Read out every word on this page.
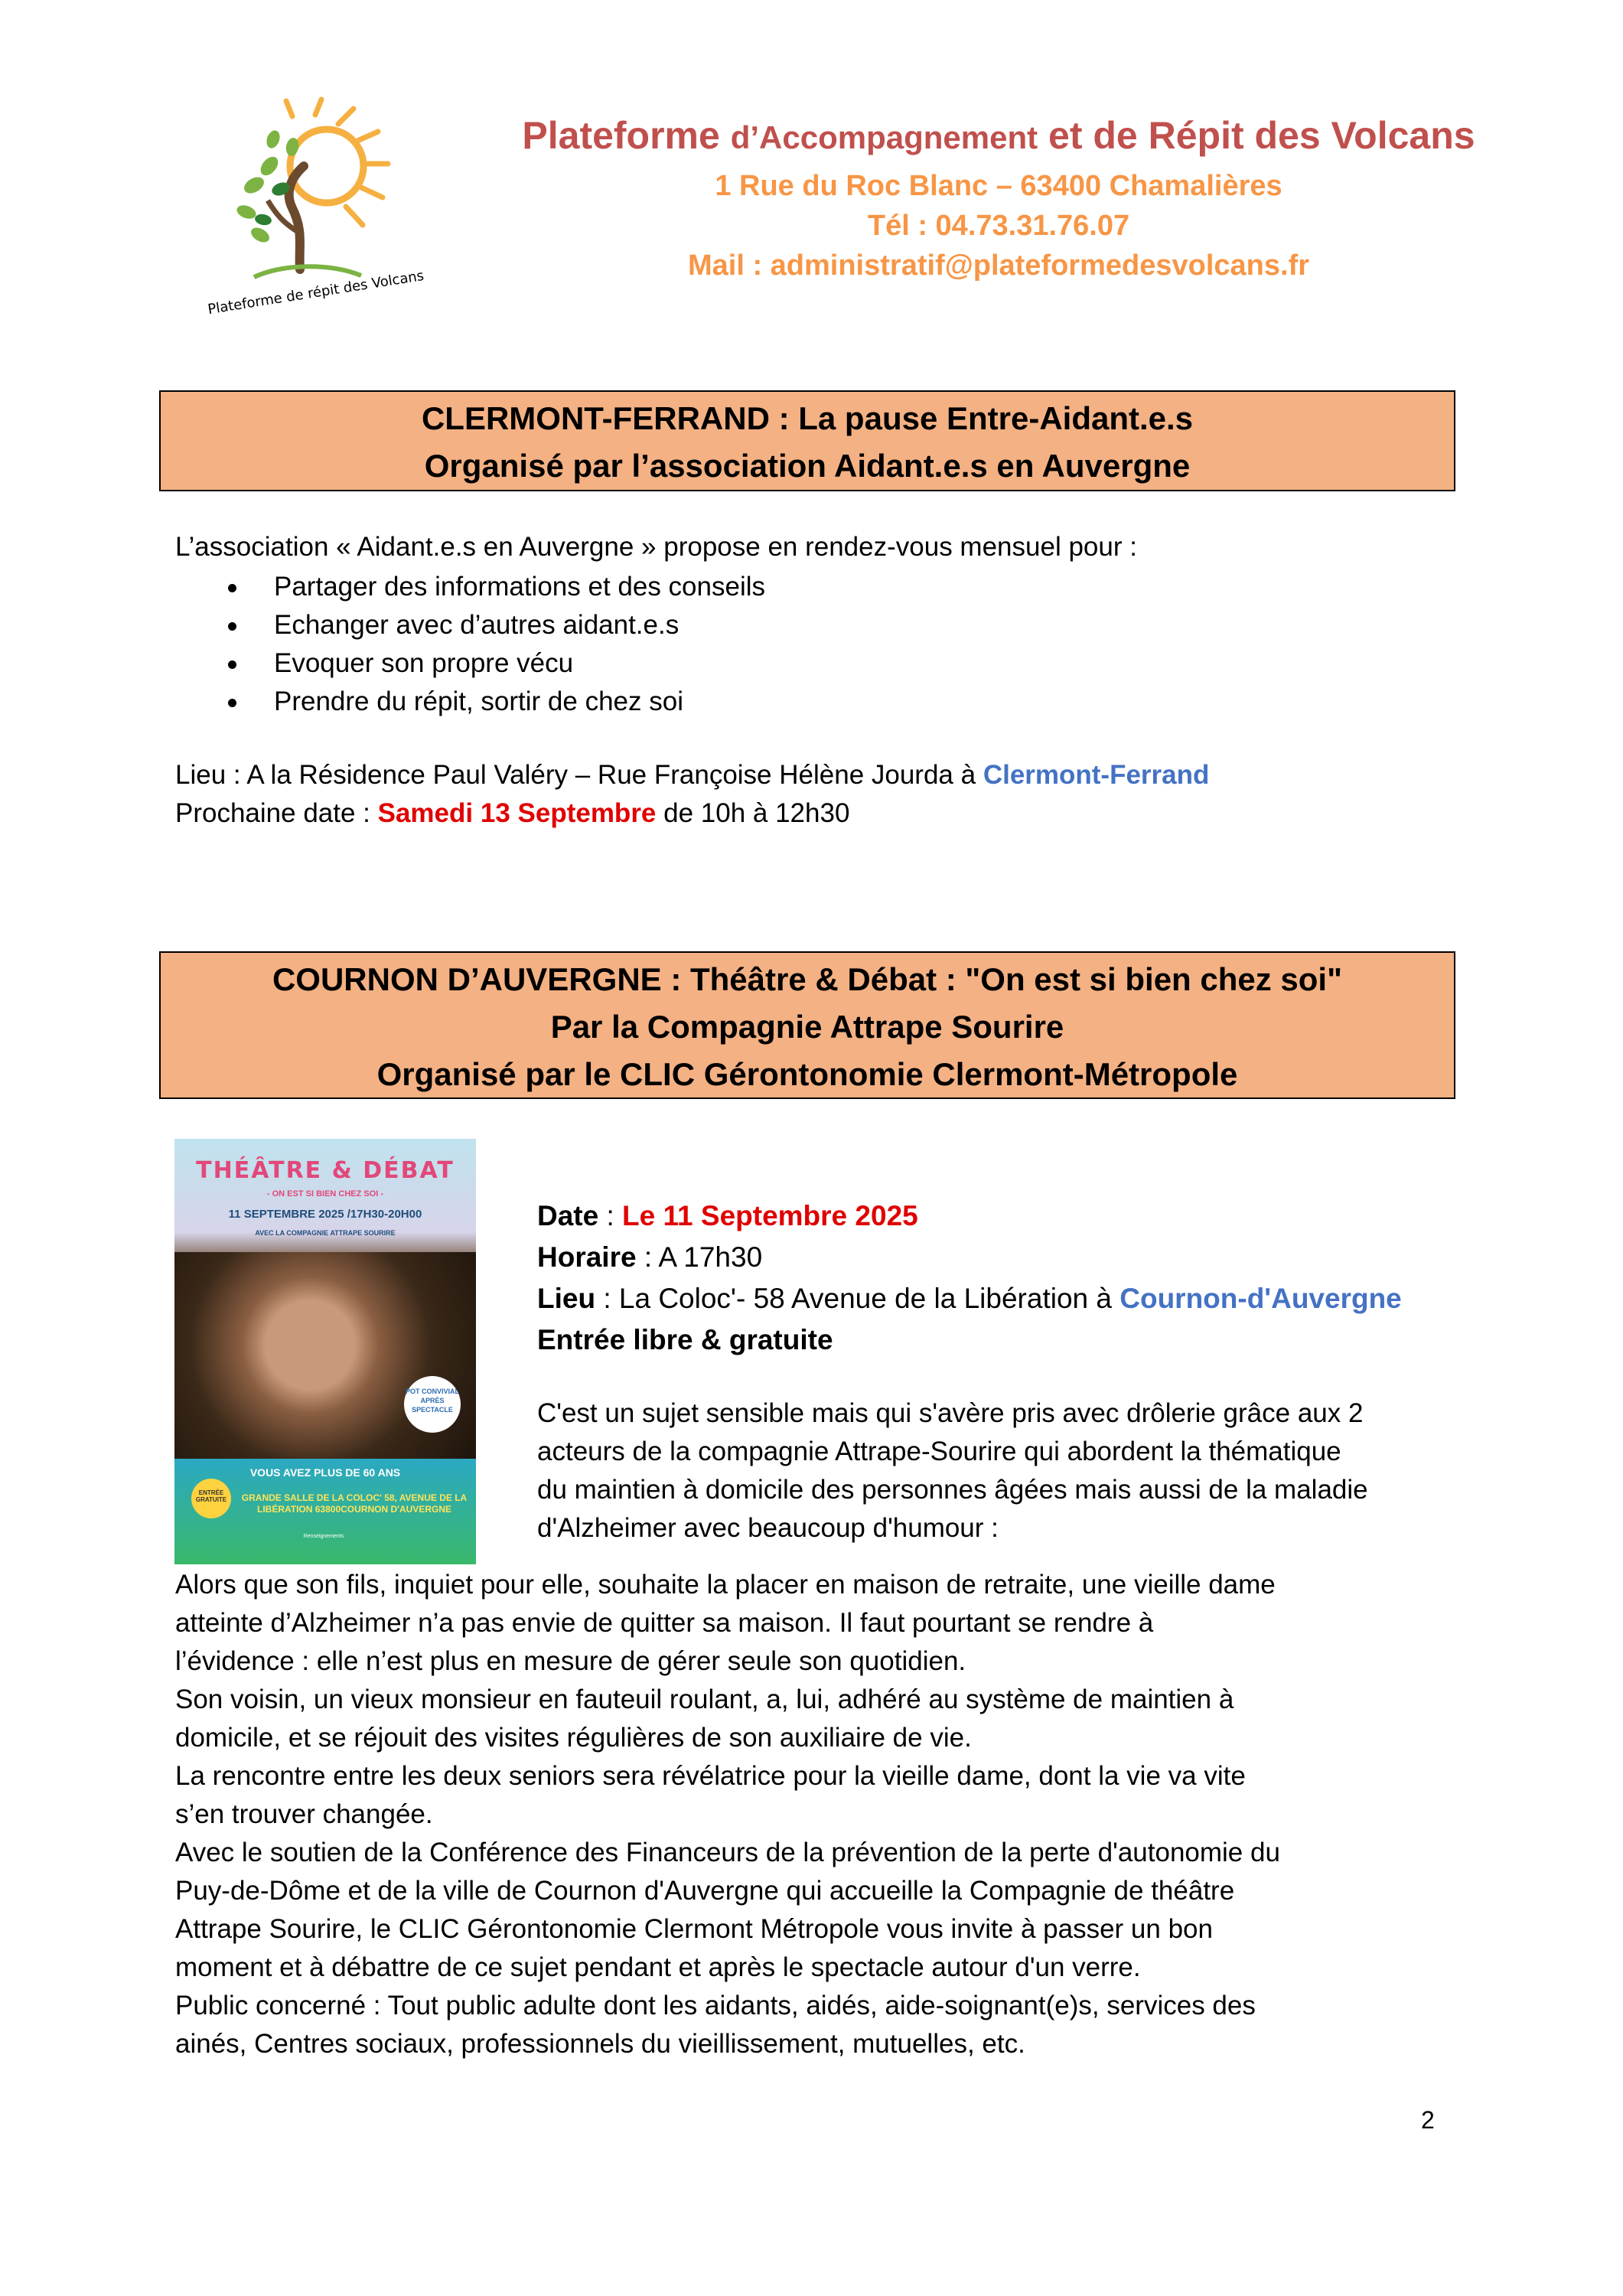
Plateforme de répit des Volcans
Plateforme d’Accompagnement et de Répit des Volcans
1 Rue du Roc Blanc – 63400 Chamalières
Tél : 04.73.31.76.07
Mail : administratif@plateformedesvolcans.fr
CLERMONT-FERRAND : La pause Entre-Aidant.e.s
Organisé par l’association Aidant.e.s en Auvergne
L’association « Aidant.e.s en Auvergne » propose en rendez-vous mensuel pour :
Partager des informations et des conseils
Echanger avec d’autres aidant.e.s
Evoquer son propre vécu
Prendre du répit, sortir de chez soi
Lieu : A la Résidence Paul Valéry – Rue Françoise Hélène Jourda à Clermont-Ferrand
Prochaine date : Samedi 13 Septembre de 10h à 12h30
COURNON D’AUVERGNE : Théâtre & Débat : "On est si bien chez soi"
Par la Compagnie Attrape Sourire
Organisé par le CLIC Gérontonomie Clermont-Métropole
THÉÂTRE & DÉBAT
- ON EST SI BIEN CHEZ SOI -
11 SEPTEMBRE 2025 /17H30-20H00
AVEC LA COMPAGNIE ATTRAPE SOURIRE
POT CONVIVIAL APRÈS SPECTACLE
VOUS AVEZ PLUS DE 60 ANS
ENTRÉE GRATUITE	GRANDE SALLE DE LA COLOC' 58, AVENUE DE LA LIBÉRATION 63800COURNON D'AUVERGNE
Renseignements
Date : Le 11 Septembre 2025
Horaire : A 17h30
Lieu : La Coloc'- 58 Avenue de la Libération à Cournon-d'Auvergne
Entrée libre & gratuite
C'est un sujet sensible mais qui s'avère pris avec drôlerie grâce aux 2
acteurs de la compagnie Attrape-Sourire qui abordent la thématique
du maintien à domicile des personnes âgées mais aussi de la maladie
d'Alzheimer avec beaucoup d'humour :
Alors que son fils, inquiet pour elle, souhaite la placer en maison de retraite, une vieille dame
atteinte d’Alzheimer n’a pas envie de quitter sa maison. Il faut pourtant se rendre à
l’évidence : elle n’est plus en mesure de gérer seule son quotidien.
Son voisin, un vieux monsieur en fauteuil roulant, a, lui, adhéré au système de maintien à
domicile, et se réjouit des visites régulières de son auxiliaire de vie.
La rencontre entre les deux seniors sera révélatrice pour la vieille dame, dont la vie va vite
s’en trouver changée.
Avec le soutien de la Conférence des Financeurs de la prévention de la perte d'autonomie du
Puy-de-Dôme et de la ville de Cournon d'Auvergne qui accueille la Compagnie de théâtre
Attrape Sourire, le CLIC Gérontonomie Clermont Métropole vous invite à passer un bon
moment et à débattre de ce sujet pendant et après le spectacle autour d'un verre.
Public concerné : Tout public adulte dont les aidants, aidés, aide-soignant(e)s, services des
ainés, Centres sociaux, professionnels du vieillissement, mutuelles, etc.
2
